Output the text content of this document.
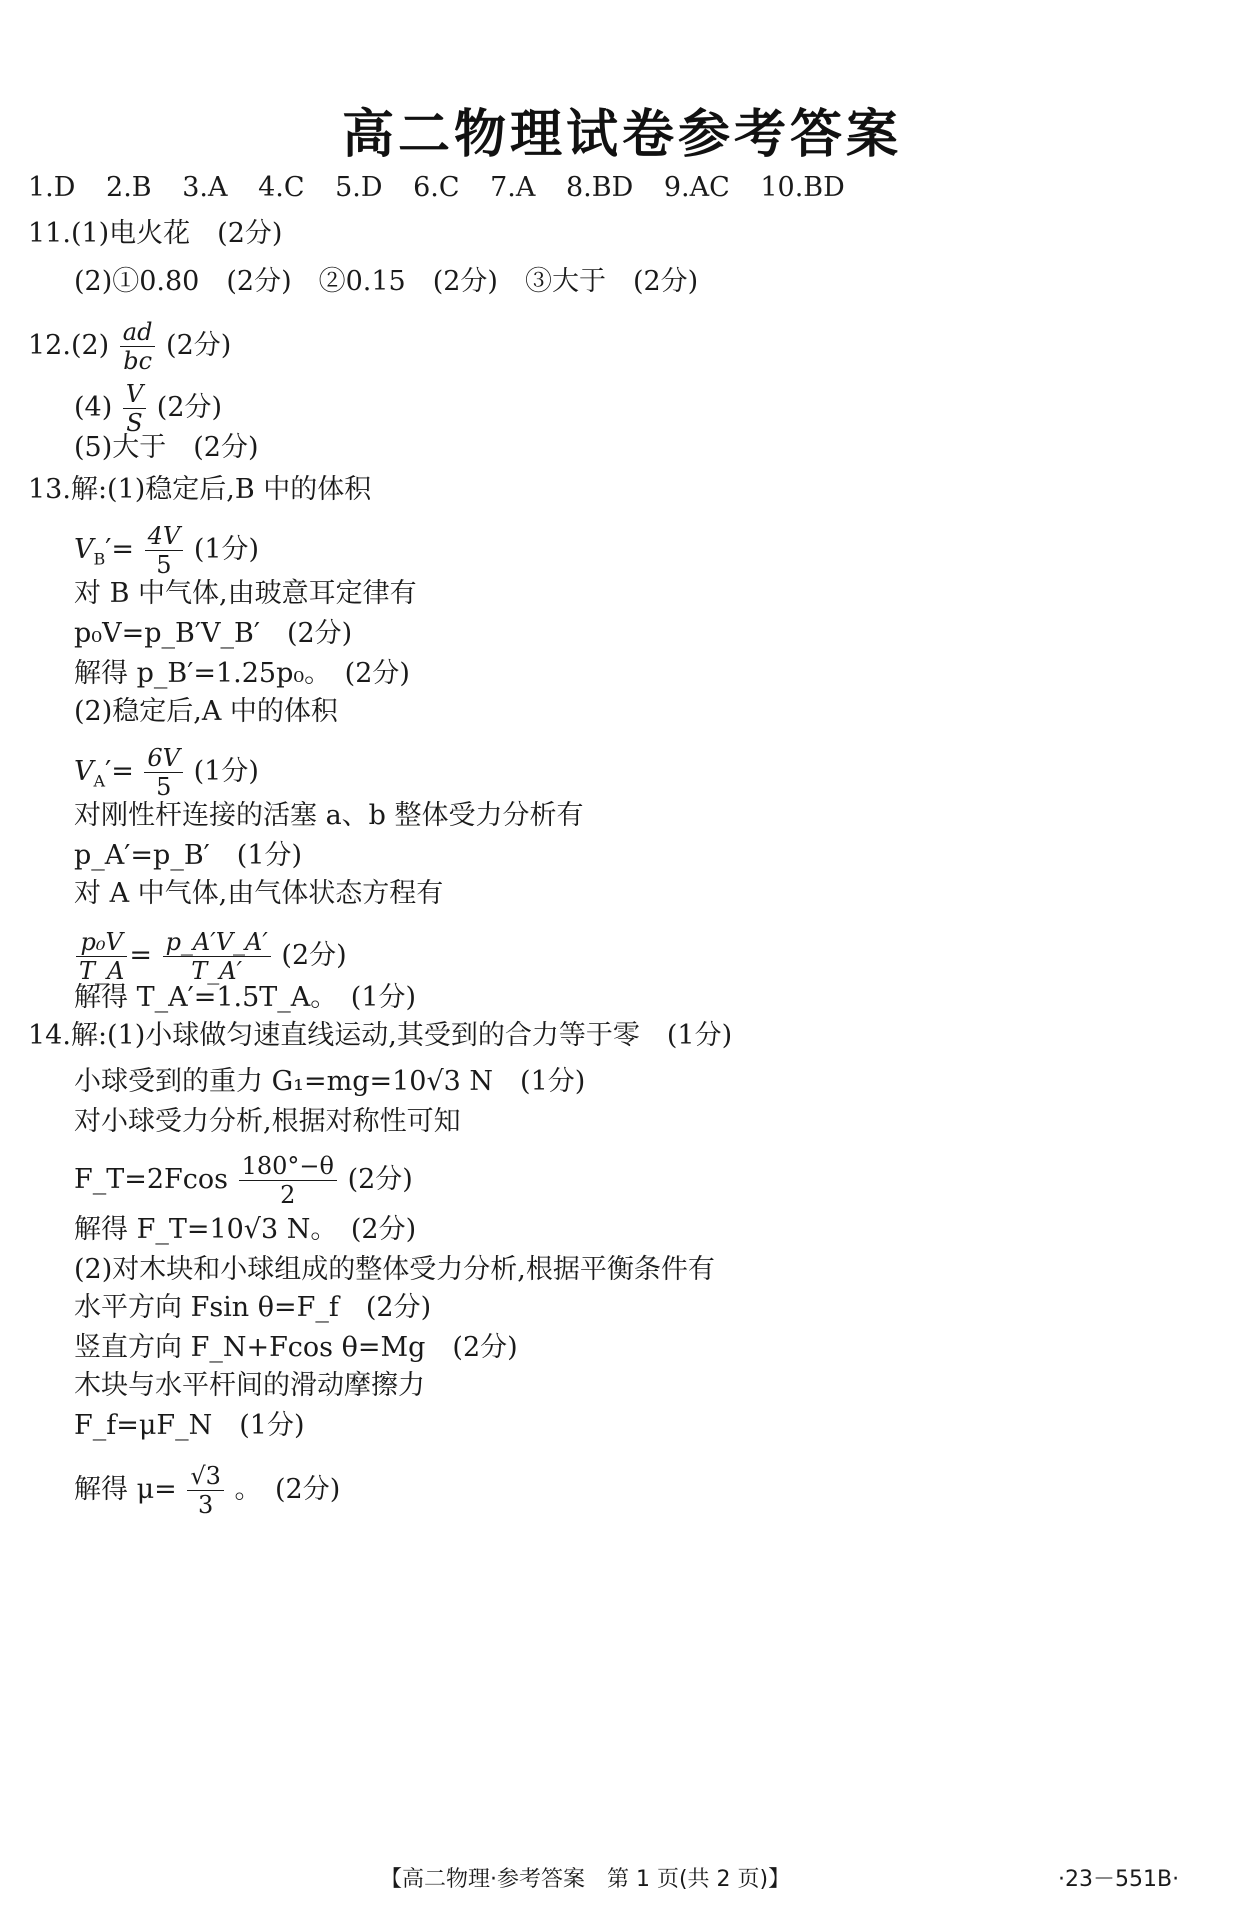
高二物理试卷参考答案
1.D 2.B 3.A 4.C 5.D 6.C 7.A 8.BD 9.AC 10.BD
11.(1)电火花　(2分)
(2)①0.80　(2分)　②0.15　(2分)　③大于　(2分)
$12.(2) \frac{ad}{bc} (2$分)
$(4) \frac{V}{S} (2$分)
(5)大于　(2分)
13.解:(1)稳定后,B 中的体积
$V_B'= \frac{4V}{5} (1$分)
对 B 中气体,由玻意耳定律有
p₀V=p_B′V_B′　(2分)
解得 p_B′=1.25p₀。　(2分)
(2)稳定后,A 中的体积
$V_A'= \frac{6V}{5} (1$分)
对刚性杆连接的活塞 a、b 整体受力分析有
p_A′=p_B′　(1分)
对 A 中气体,由气体状态方程有
$\frac{\text{p₀V}}{T\_A} = \frac{p\_A'V\_A'}{T\_A'} (2$分)
解得 T_A′=1.5T_A。　(1分)
14.解:(1)小球做匀速直线运动,其受到的合力等于零　(1分)
小球受到的重力 G₁=mg=10√3 N　(1分)
对小球受力分析,根据对称性可知
F_T=2Fcos $\frac{180^\circ-\theta}{2} (2$分)
解得 F_T=10√3 N。　(2分)
(2)对木块和小球组成的整体受力分析,根据平衡条件有
水平方向 Fsin θ=F_f　(2分)
竖直方向 F_N+Fcos θ=Mg　(2分)
木块与水平杆间的滑动摩擦力
F_f=μF_N　(1分)
解得 $\mu= \frac{√3}{3}$ 。　(2分)
【高二物理·参考答案　第 1 页(共 2 页)】	·23－551B·
